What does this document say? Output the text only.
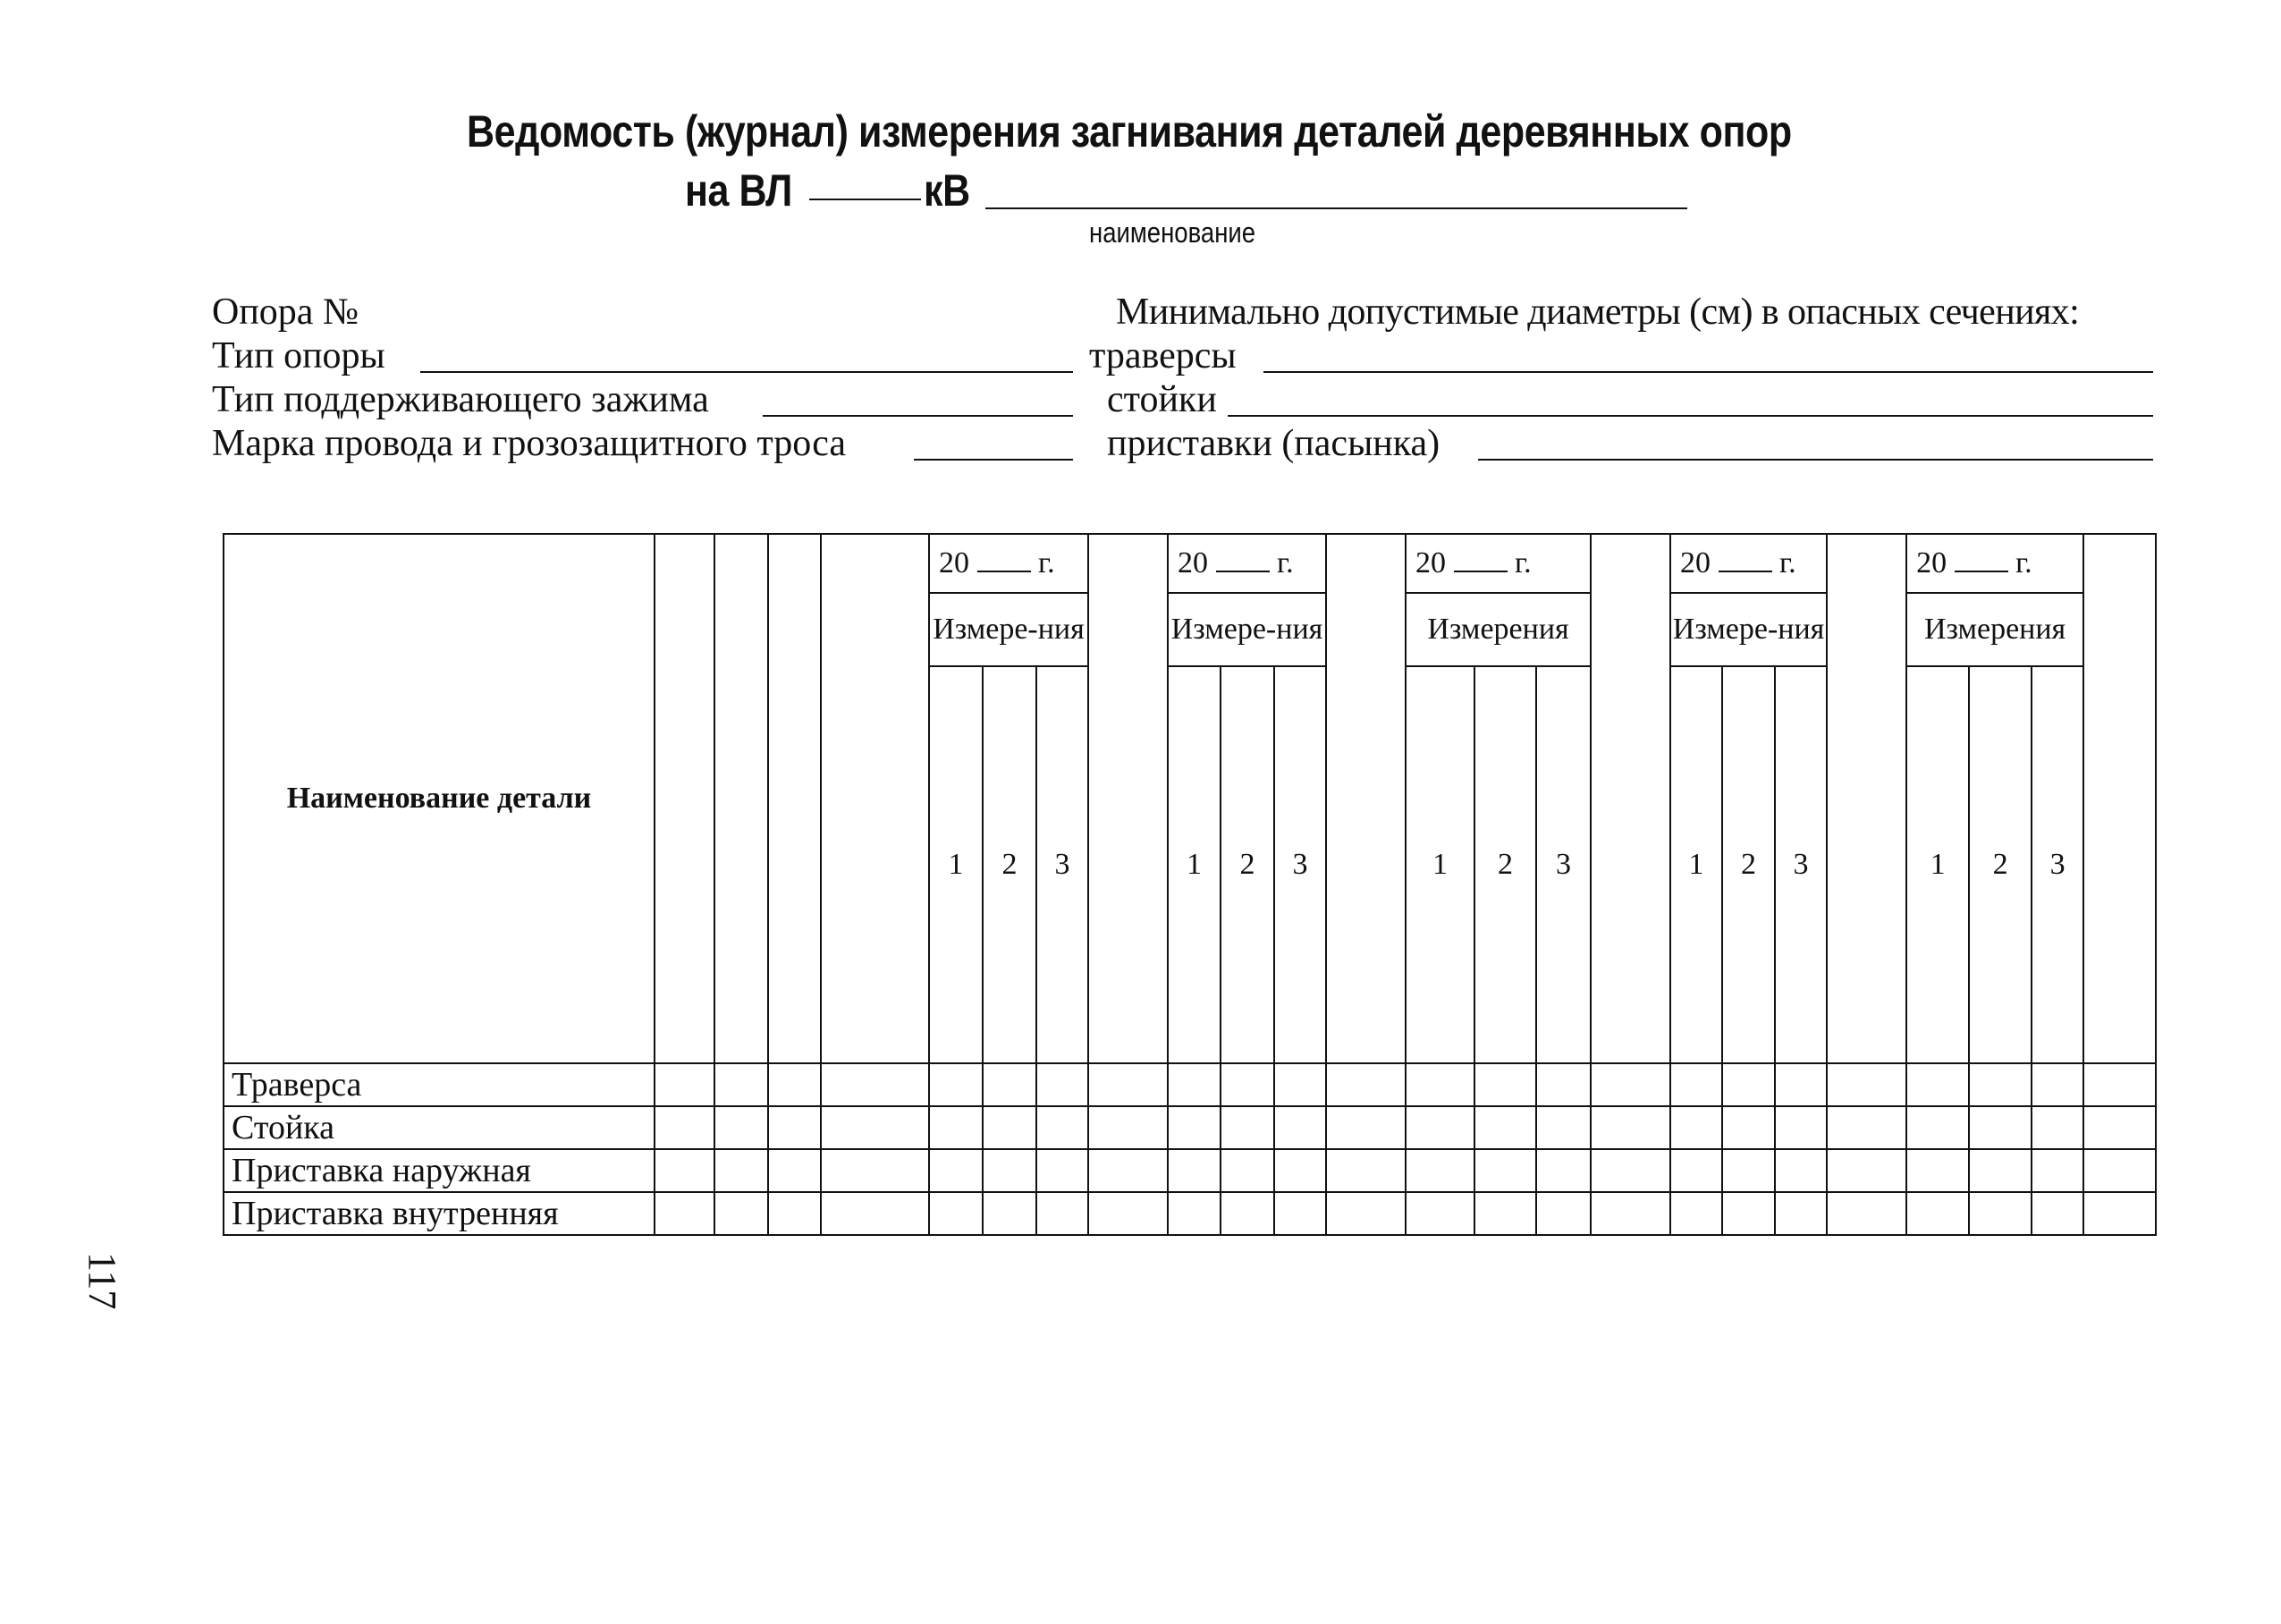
Ведомость (журнал) измерения загнивания деталей деревянных опор
на ВЛ	кВ
наименование
Опора №
Тип опоры
Тип поддерживающего зажима
Марка провода и грозозащитного троса
Минимально допустимые диаметры (см) в опасных сечениях:
траверсы
стойки
приставки (пасынка)
Наименование детали					20 г.				20 г.				20 г.				20 г.				20 г.	
					Измере-ния				Измере-ния				Измерения				Измере-ния				Измерения			
					1	2	3		1	2	3		1	2	3		1	2	3		1	2	3	
Траверса																								
Стойка																								
Приставка наружная																								
Приставка внутренняя																								
117
